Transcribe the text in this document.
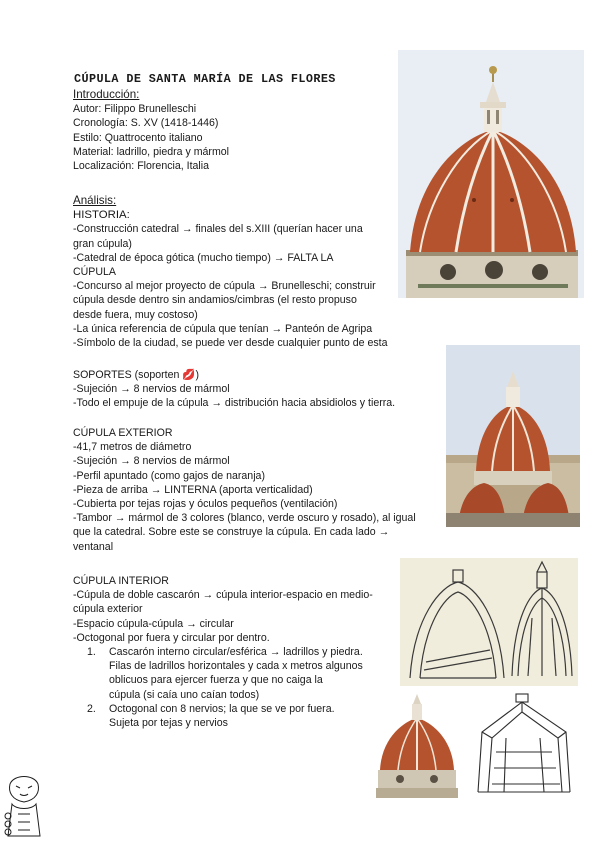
CÚPULA DE SANTA MARÍA DE LAS FLORES
Introducción:
Autor: Filippo Brunelleschi
Cronología: S. XV (1418-1446)
Estilo: Quattrocento italiano
Material: ladrillo, piedra y mármol
Localización: Florencia, Italia
Análisis:
HISTORIA:
-Construcción catedral → finales del s.XIII (querían hacer una
gran cúpula)
-Catedral de época gótica (mucho tiempo) → FALTA LA
CÚPULA
-Concurso al mejor proyecto de cúpula → Brunelleschi; construir
cúpula desde dentro sin andamios/cimbras (el resto propuso
desde fuera, muy costoso)
-La única referencia de cúpula que tenían → Panteón de Agripa
-Símbolo de la ciudad, se puede ver desde cualquier punto de esta
SOPORTES (soporten 💋)
-Sujeción → 8 nervios de mármol
-Todo el empuje de la cúpula → distribución hacia absidiolos y tierra.
CÚPULA EXTERIOR
-41,7 metros de diámetro
-Sujeción → 8 nervios de mármol
-Perfil apuntado (como gajos de naranja)
-Pieza de arriba → LINTERNA (aporta verticalidad)
-Cubierta por tejas rojas y óculos pequeños (ventilación)
-Tambor → mármol de 3 colores (blanco, verde oscuro y rosado), al igual
que la catedral. Sobre este se construye la cúpula. En cada lado →
ventanal
CÚPULA INTERIOR
-Cúpula de doble cascarón → cúpula interior-espacio en medio-
cúpula exterior
-Espacio cúpula-cúpula → circular
-Octogonal por fuera y circular por dentro.
1. Cascarón interno circular/esférica → ladrillos y piedra.
Filas de ladrillos horizontales y cada x metros algunos
oblicuos para ejercer fuerza y que no caiga la
cúpula (si caía uno caían todos)
2. Octogonal con 8 nervios; la que se ve por fuera.
Sujeta por tejas y nervios
